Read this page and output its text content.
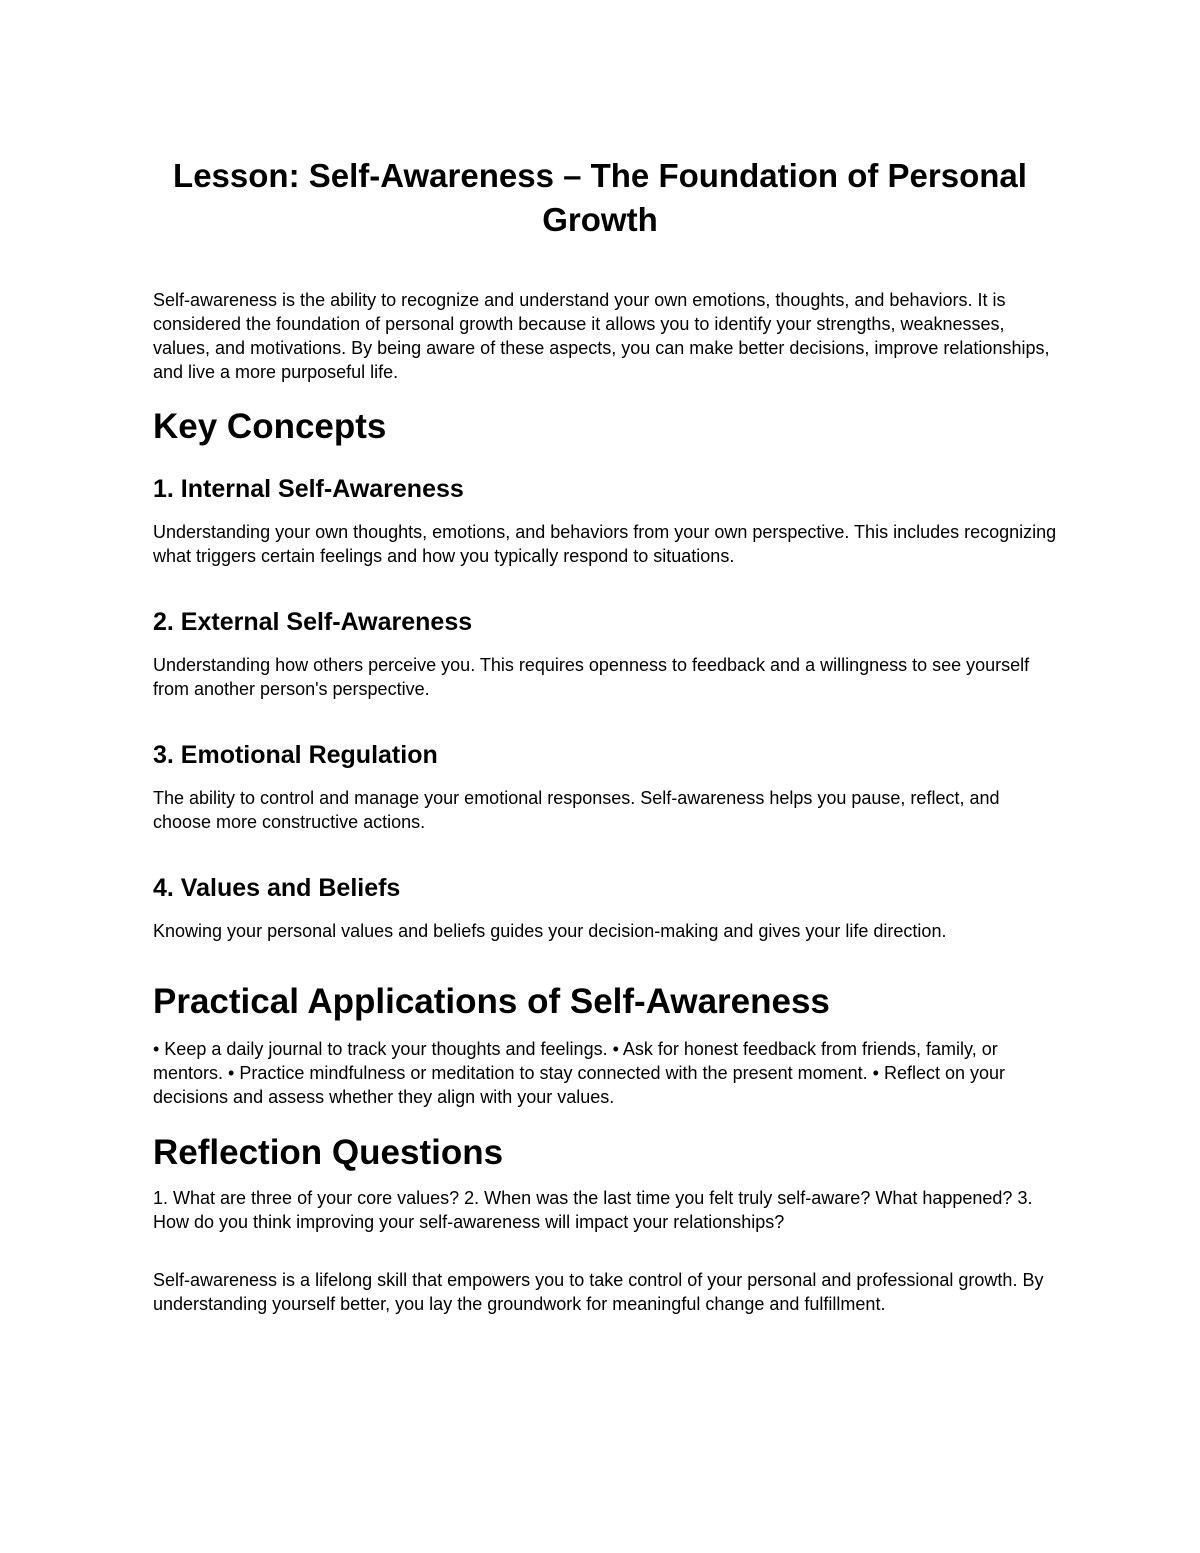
Lesson: Self-Awareness – The Foundation of Personal Growth

Self-awareness is the ability to recognize and understand your own emotions, thoughts, and behaviors. It is considered the foundation of personal growth because it allows you to identify your strengths, weaknesses, values, and motivations. By being aware of these aspects, you can make better decisions, improve relationships, and live a more purposeful life.

Key Concepts
1. Internal Self-Awareness

Understanding your own thoughts, emotions, and behaviors from your own perspective. This includes recognizing what triggers certain feelings and how you typically respond to situations.

2. External Self-Awareness

Understanding how others perceive you. This requires openness to feedback and a willingness to see yourself from another person's perspective.

3. Emotional Regulation

The ability to control and manage your emotional responses. Self-awareness helps you pause, reflect, and choose more constructive actions.

4. Values and Beliefs

Knowing your personal values and beliefs guides your decision-making and gives your life direction.

Practical Applications of Self-Awareness

• Keep a daily journal to track your thoughts and feelings. • Ask for honest feedback from friends, family, or mentors. • Practice mindfulness or meditation to stay connected with the present moment. • Reflect on your decisions and assess whether they align with your values.

Reflection Questions

1. What are three of your core values? 2. When was the last time you felt truly self-aware? What happened? 3. How do you think improving your self-awareness will impact your relationships?

Self-awareness is a lifelong skill that empowers you to take control of your personal and professional growth. By understanding yourself better, you lay the groundwork for meaningful change and fulfillment.
